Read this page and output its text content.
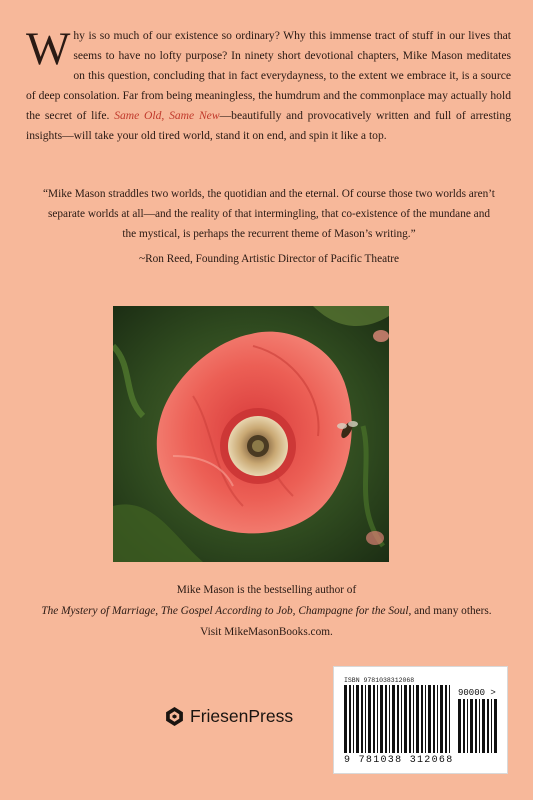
Why is so much of our existence so ordinary? Why this immense tract of stuff in our lives that seems to have no lofty purpose? In ninety short devotional chapters, Mike Mason meditates on this question, concluding that in fact everydayness, to the extent we embrace it, is a source of deep consolation. Far from being meaningless, the humdrum and the commonplace may actually hold the secret of life. Same Old, Same New—beautifully and provocatively written and full of arresting insights—will take your old tired world, stand it on end, and spin it like a top.
“Mike Mason straddles two worlds, the quotidian and the eternal. Of course those two worlds aren’t separate worlds at all—and the reality of that intermingling, that co-existence of the mundane and the mystical, is perhaps the recurrent theme of Mason’s writing.”
~Ron Reed, Founding Artistic Director of Pacific Theatre
Mike Mason is the bestselling author of
The Mystery of Marriage, The Gospel According to Job, Champagne for the Soul, and many others.
Visit MikeMasonBooks.com.
FriesenPress
ISBN 9781038312068
90000 >
9 781038 312068
